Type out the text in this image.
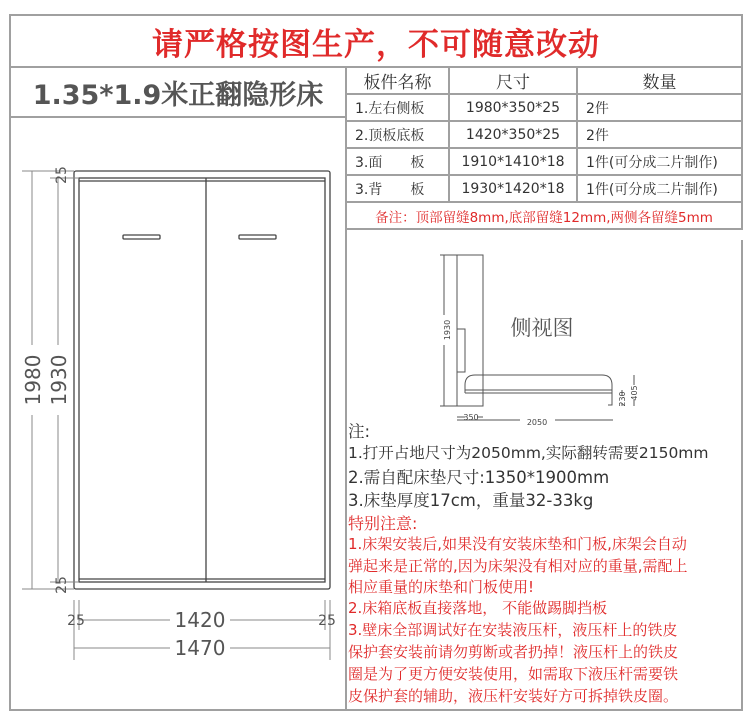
请严格按图生产，不可随意改动
1.35*1.9米正翻隐形床	板件名称	尺寸	数量
1.左右侧板	1980*350*25	2件
2.顶板底板	1420*350*25	2件
3.面　　板	1910*1410*18	1件(可分成二片制作)
3.背　　板	1930*1420*18	1件(可分成二片制作)
备注：顶部留缝8mm,底部留缝12mm,两侧各留缝5mm		
1980 1930
1420
1470
25
25
25	25
1930
350
2050
230 405
侧视图
注:
1.打开占地尺寸为2050mm,实际翻转需要2150mm
2.需自配床垫尺寸:1350*1900mm
3.床垫厚度17cm，重量32-33kg
特别注意:
1.床架安装后,如果没有安装床垫和门板,床架会自动
弹起来是正常的,因为床架没有相对应的重量,需配上
相应重量的床垫和门板使用!
2.床箱底板直接落地， 不能做踢脚挡板
3.壁床全部调试好在安装液压杆，液压杆上的铁皮
保护套安装前请勿剪断或者扔掉！液压杆上的铁皮
圈是为了更方便安装使用，如需取下液压杆需要铁
皮保护套的辅助，液压杆安装好方可拆掉铁皮圈。
